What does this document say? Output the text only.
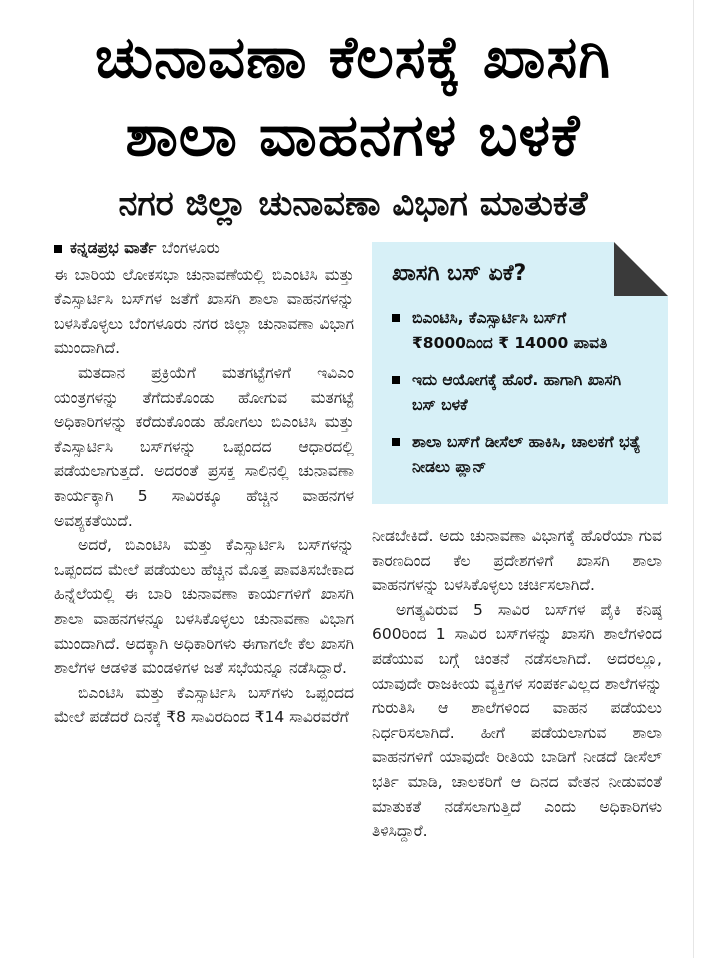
ಚುನಾವಣಾ ಕೆಲಸಕ್ಕೆ ಖಾಸಗಿ
ಶಾಲಾ ವಾಹನಗಳ ಬಳಕೆ
ನಗರ ಜಿಲ್ಲಾ ಚುನಾವಣಾ ವಿಭಾಗ ಮಾತುಕತೆ
ಕನ್ನಡಪ್ರಭ ವಾರ್ತೆ ಬೆಂಗಳೂರು

ಈ ಬಾರಿಯ ಲೋಕಸಭಾ ಚುನಾವಣೆಯಲ್ಲಿ ಬಿಎಂಟಿಸಿ ಮತ್ತು ಕೆಎಸ್ಸಾರ್ಟಿಸಿ ಬಸ್‌ಗಳ ಜತೆಗೆ ಖಾಸಗಿ ಶಾಲಾ ವಾಹನಗಳನ್ನು ಬಳಸಿಕೊಳ್ಳಲು ಬೆಂಗಳೂರು ನಗರ ಜಿಲ್ಲಾ ಚುನಾವಣಾ ವಿಭಾಗ ಮುಂದಾಗಿದೆ.

ಮತದಾನ ಪ್ರಕ್ರಿಯೆಗೆ ಮತಗಟ್ಟೆಗಳಿಗೆ ಇವಿಎಂ ಯಂತ್ರಗಳನ್ನು ತೆಗೆದುಕೊಂಡು ಹೋಗುವ ಮತಗಟ್ಟೆ ಅಧಿಕಾರಿಗಳನ್ನು ಕರೆದುಕೊಂಡು ಹೋಗಲು ಬಿಎಂಟಿಸಿ ಮತ್ತು ಕೆಎಸ್ಸಾರ್ಟಿಸಿ ಬಸ್‌ಗಳನ್ನು ಒಪ್ಪಂದದ ಆಧಾರದಲ್ಲಿ ಪಡೆಯಲಾಗುತ್ತದೆ. ಅದರಂತೆ ಪ್ರಸಕ್ತ ಸಾಲಿನಲ್ಲಿ ಚುನಾವಣಾ ಕಾರ್ಯಕ್ಕಾಗಿ 5 ಸಾವಿರಕ್ಕೂ ಹೆಚ್ಚಿನ ವಾಹನಗಳ ಅವಶ್ಯಕತೆಯಿದೆ.

ಅದರೆ, ಬಿಎಂಟಿಸಿ ಮತ್ತು ಕೆಎಸ್ಸಾರ್ಟಿಸಿ ಬಸ್‌ಗಳನ್ನು ಒಪ್ಪಂದದ ಮೇಲೆ ಪಡೆಯಲು ಹೆಚ್ಚಿನ ಮೊತ್ತ ಪಾವತಿಸಬೇಕಾದ ಹಿನ್ನೆಲೆಯಲ್ಲಿ ಈ ಬಾರಿ ಚುನಾವಣಾ ಕಾರ್ಯಗಳಿಗೆ ಖಾಸಗಿ ಶಾಲಾ ವಾಹನಗಳನ್ನೂ ಬಳಸಿಕೊಳ್ಳಲು ಚುನಾವಣಾ ವಿಭಾಗ ಮುಂದಾಗಿದೆ. ಅದಕ್ಕಾಗಿ ಅಧಿಕಾರಿಗಳು ಈಗಾಗಲೇ ಕೆಲ ಖಾಸಗಿ ಶಾಲೆಗಳ ಆಡಳಿತ ಮಂಡಳಿಗಳ ಜತೆ ಸಭೆಯನ್ನೂ ನಡೆಸಿದ್ದಾರೆ.

ಬಿಎಂಟಿಸಿ ಮತ್ತು ಕೆಎಸ್ಸಾರ್ಟಿಸಿ ಬಸ್‌ಗಳು ಒಪ್ಪಂದದ ಮೇಲೆ ಪಡೆದರೆ ದಿನಕ್ಕೆ ₹8 ಸಾವಿರದಿಂದ ₹14 ಸಾವಿರವರೆಗೆ

ಖಾಸಗಿ ಬಸ್ ಏಕೆ?
ಬಿಎಂಟಿಸಿ, ಕೆಎಸ್ಸಾರ್ಟಿಸಿ ಬಸ್‌ಗೆ ₹8000ದಿಂದ ₹ 14000 ಪಾವತಿ
ಇದು ಆಯೋಗಕ್ಕೆ ಹೊರೆ. ಹಾಗಾಗಿ ಖಾಸಗಿ ಬಸ್ ಬಳಕೆ
ಶಾಲಾ ಬಸ್‌ಗೆ ಡೀಸೆಲ್ ಹಾಕಿಸಿ, ಚಾಲಕಗೆ ಭತ್ಯೆ ನೀಡಲು ಪ್ಲಾನ್

ನೀಡಬೇಕಿದೆ. ಅದು ಚುನಾವಣಾ ವಿಭಾಗಕ್ಕೆ ಹೊರೆಯಾ ಗುವ ಕಾರಣದಿಂದ ಕೆಲ ಪ್ರದೇಶಗಳಿಗೆ ಖಾಸಗಿ ಶಾಲಾ ವಾಹನಗಳನ್ನು ಬಳಸಿಕೊಳ್ಳಲು ಚರ್ಚಿಸಲಾಗಿದೆ.

ಅಗತ್ಯವಿರುವ 5 ಸಾವಿರ ಬಸ್‌ಗಳ ಪೈಕಿ ಕನಿಷ್ಠ 600ರಿಂದ 1 ಸಾವಿರ ಬಸ್‌ಗಳನ್ನು ಖಾಸಗಿ ಶಾಲೆಗಳಿಂದ ಪಡೆಯುವ ಬಗ್ಗೆ ಚಿಂತನೆ ನಡೆಸಲಾಗಿದೆ. ಅದರಲ್ಲೂ, ಯಾವುದೇ ರಾಜಕೀಯ ವ್ಯಕ್ತಿಗಳ ಸಂಪರ್ಕವಿಲ್ಲದ ಶಾಲೆಗಳನ್ನು ಗುರುತಿಸಿ ಆ ಶಾಲೆಗಳಿಂದ ವಾಹನ ಪಡೆಯಲು ನಿರ್ಧರಿಸಲಾಗಿದೆ. ಹೀಗೆ ಪಡೆಯಲಾಗುವ ಶಾಲಾ ವಾಹನಗಳಿಗೆ ಯಾವುದೇ ರೀತಿಯ ಬಾಡಿಗೆ ನೀಡದೆ ಡೀಸೆಲ್ ಭರ್ತಿ ಮಾಡಿ, ಚಾಲಕರಿಗೆ ಆ ದಿನದ ವೇತನ ನೀಡುವಂತೆ ಮಾತುಕತೆ ನಡೆಸಲಾಗುತ್ತಿದೆ ಎಂದು ಅಧಿಕಾರಿಗಳು ತಿಳಿಸಿದ್ದಾರೆ.
